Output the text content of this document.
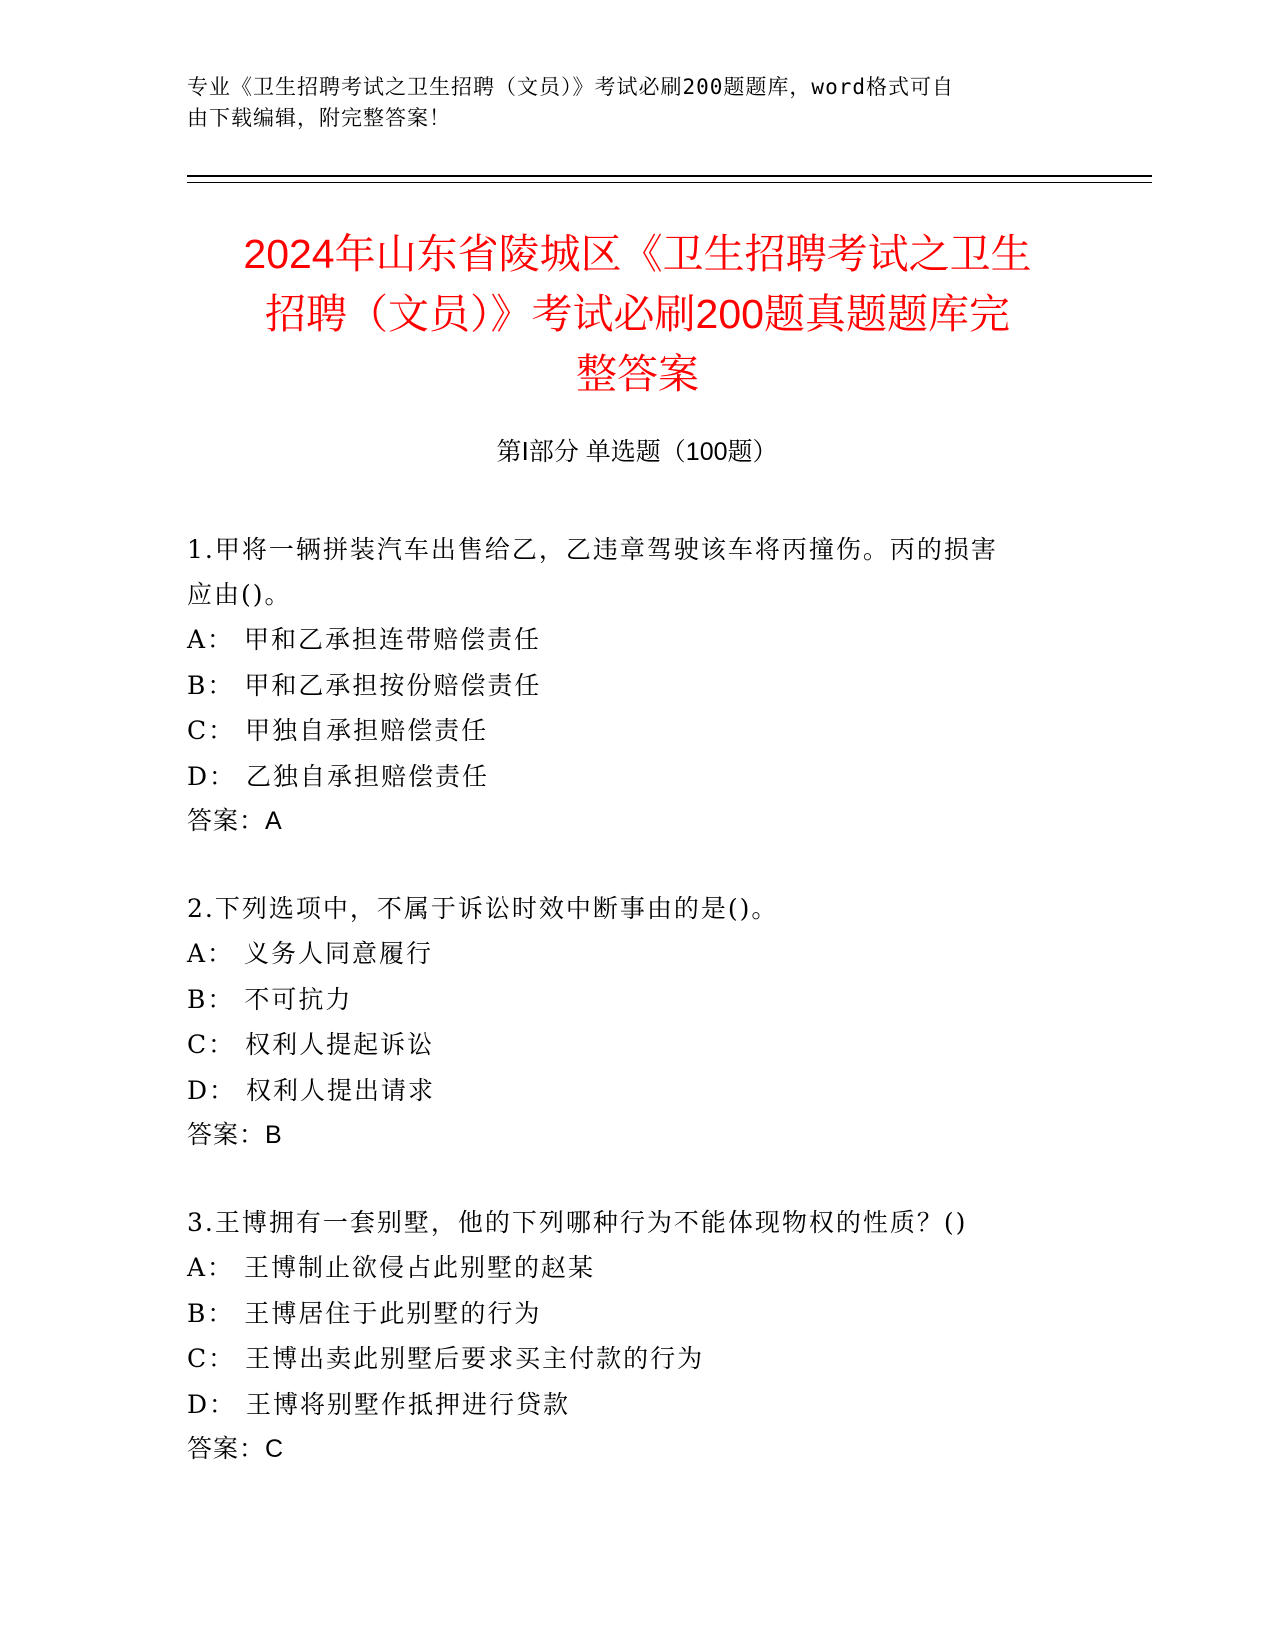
专业《卫生招聘考试之卫生招聘（文员）》考试必刷200题题库，word格式可自
由下载编辑，附完整答案！
2024年山东省陵城区《卫生招聘考试之卫生
招聘（文员）》考试必刷200题真题题库完
整答案
第Ⅰ部分 单选题（100题）

1.甲将一辆拼装汽车出售给乙，乙违章驾驶该车将丙撞伤。丙的损害

应由()。

A： 甲和乙承担连带赔偿责任

B： 甲和乙承担按份赔偿责任

C： 甲独自承担赔偿责任

D： 乙独自承担赔偿责任

答案：A

2.下列选项中，不属于诉讼时效中断事由的是()。

A： 义务人同意履行

B： 不可抗力

C： 权利人提起诉讼

D： 权利人提出请求

答案：B

3.王博拥有一套别墅，他的下列哪种行为不能体现物权的性质？()

A： 王博制止欲侵占此别墅的赵某

B： 王博居住于此别墅的行为

C： 王博出卖此别墅后要求买主付款的行为

D： 王博将别墅作抵押进行贷款

答案：C
